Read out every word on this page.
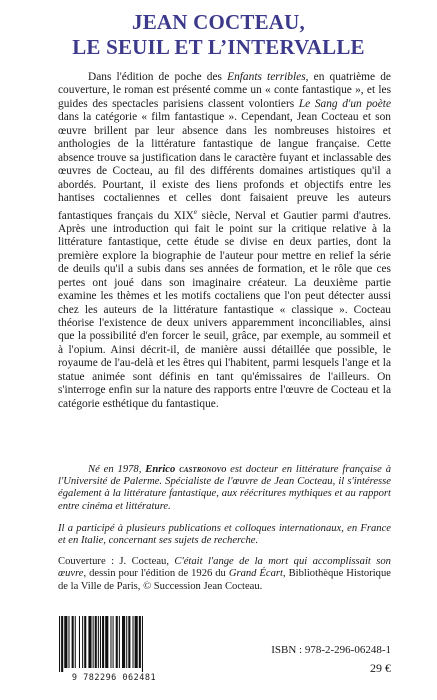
JEAN COCTEAU,
LE SEUIL ET L’INTERVALLE
Dans l'édition de poche des Enfants terribles, en quatrième de couverture, le roman est présenté comme un « conte fantastique », et les guides des spectacles parisiens classent volontiers Le Sang d'un poète dans la catégorie « film fantastique ». Cependant, Jean Cocteau et son œuvre brillent par leur absence dans les nombreuses histoires et anthologies de la littérature fantastique de langue française. Cette absence trouve sa justification dans le caractère fuyant et inclassable des œuvres de Cocteau, au fil des différents domaines artistiques qu'il a abordés. Pourtant, il existe des liens profonds et objectifs entre les hantises coctaliennes et celles dont faisaient preuve les auteurs fantastiques français du XIXe siècle, Nerval et Gautier parmi d'autres. Après une introduction qui fait le point sur la critique relative à la littérature fantastique, cette étude se divise en deux parties, dont la première explore la biographie de l'auteur pour mettre en relief la série de deuils qu'il a subis dans ses années de formation, et le rôle que ces pertes ont joué dans son imaginaire créateur. La deuxième partie examine les thèmes et les motifs coctaliens que l'on peut détecter aussi chez les auteurs de la littérature fantastique « classique ». Cocteau théorise l'existence de deux univers apparemment inconciliables, ainsi que la possibilité d'en forcer le seuil, grâce, par exemple, au sommeil et à l'opium. Ainsi décrit-il, de manière aussi détaillée que possible, le royaume de l'au-delà et les êtres qui l'habitent, parmi lesquels l'ange et la statue animée sont définis en tant qu'émissaires de l'ailleurs. On s'interroge enfin sur la nature des rapports entre l'œuvre de Cocteau et la catégorie esthétique du fantastique.
Né en 1978, Enrico castronovo est docteur en littérature française à l'Université de Palerme. Spécialiste de l'œuvre de Jean Cocteau, il s'intéresse également à la littérature fantastique, aux réécritures mythiques et au rapport entre cinéma et littérature.
Il a participé à plusieurs publications et colloques internationaux, en France et en Italie, concernant ses sujets de recherche.
Couverture : J. Cocteau, C'était l'ange de la mort qui accomplissait son œuvre, dessin pour l'édition de 1926 du Grand Écart, Bibliothèque Historique de la Ville de Paris, © Succession Jean Cocteau.
9 782296 062481
ISBN : 978-2-296-06248-1
29 €
